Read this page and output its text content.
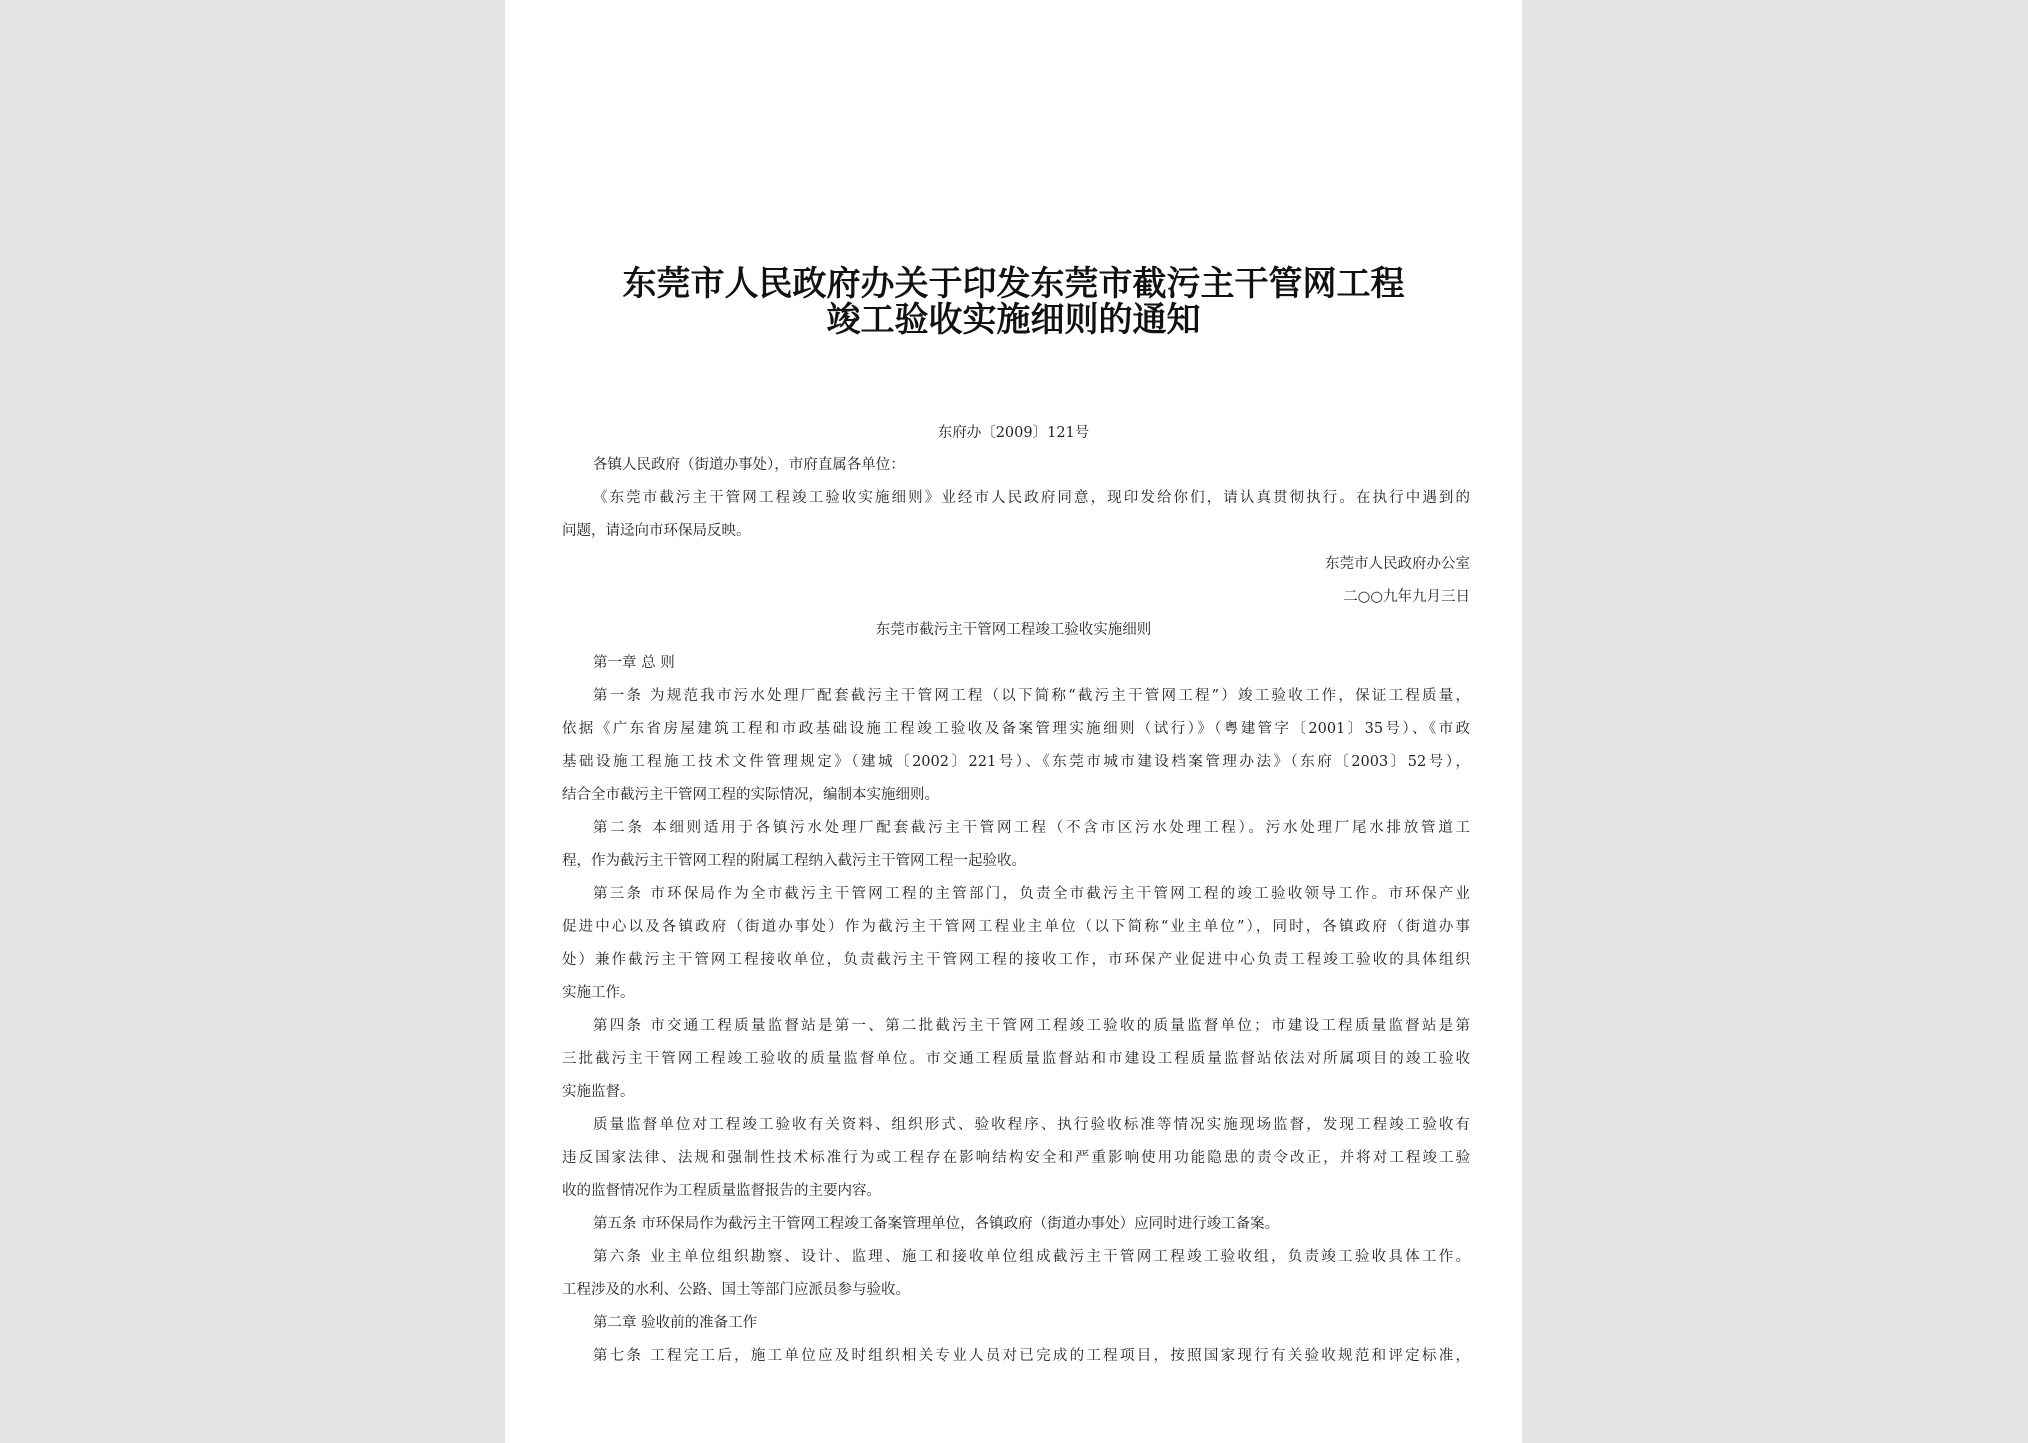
东莞市人民政府办关于印发东莞市截污主干管网工程
竣工验收实施细则的通知
东府办〔2009〕121号
各镇人民政府（街道办事处），市府直属各单位：
《东莞市截污主干管网工程竣工验收实施细则》业经市人民政府同意，现印发给你们，请认真贯彻执行。在执行中遇到的
问题，请迳向市环保局反映。
东莞市人民政府办公室
二○○九年九月三日
东莞市截污主干管网工程竣工验收实施细则
第一章 总 则
第一条 为规范我市污水处理厂配套截污主干管网工程（以下简称“截污主干管网工程”）竣工验收工作，保证工程质量，
依据《广东省房屋建筑工程和市政基础设施工程竣工验收及备案管理实施细则（试行）》（粤建管字〔2001〕35号）、《市政
基础设施工程施工技术文件管理规定》（建城〔2002〕221号）、《东莞市城市建设档案管理办法》（东府〔2003〕52号），
结合全市截污主干管网工程的实际情况，编制本实施细则。
第二条 本细则适用于各镇污水处理厂配套截污主干管网工程（不含市区污水处理工程）。污水处理厂尾水排放管道工
程，作为截污主干管网工程的附属工程纳入截污主干管网工程一起验收。
第三条 市环保局作为全市截污主干管网工程的主管部门，负责全市截污主干管网工程的竣工验收领导工作。市环保产业
促进中心以及各镇政府（街道办事处）作为截污主干管网工程业主单位（以下简称“业主单位”），同时，各镇政府（街道办事
处）兼作截污主干管网工程接收单位，负责截污主干管网工程的接收工作，市环保产业促进中心负责工程竣工验收的具体组织
实施工作。
第四条 市交通工程质量监督站是第一、第二批截污主干管网工程竣工验收的质量监督单位；市建设工程质量监督站是第
三批截污主干管网工程竣工验收的质量监督单位。市交通工程质量监督站和市建设工程质量监督站依法对所属项目的竣工验收
实施监督。
质量监督单位对工程竣工验收有关资料、组织形式、验收程序、执行验收标准等情况实施现场监督，发现工程竣工验收有
违反国家法律、法规和强制性技术标准行为或工程存在影响结构安全和严重影响使用功能隐患的责令改正，并将对工程竣工验
收的监督情况作为工程质量监督报告的主要内容。
第五条 市环保局作为截污主干管网工程竣工备案管理单位，各镇政府（街道办事处）应同时进行竣工备案。
第六条 业主单位组织勘察、设计、监理、施工和接收单位组成截污主干管网工程竣工验收组，负责竣工验收具体工作。
工程涉及的水利、公路、国土等部门应派员参与验收。
第二章 验收前的准备工作
第七条 工程完工后，施工单位应及时组织相关专业人员对已完成的工程项目，按照国家现行有关验收规范和评定标准，
